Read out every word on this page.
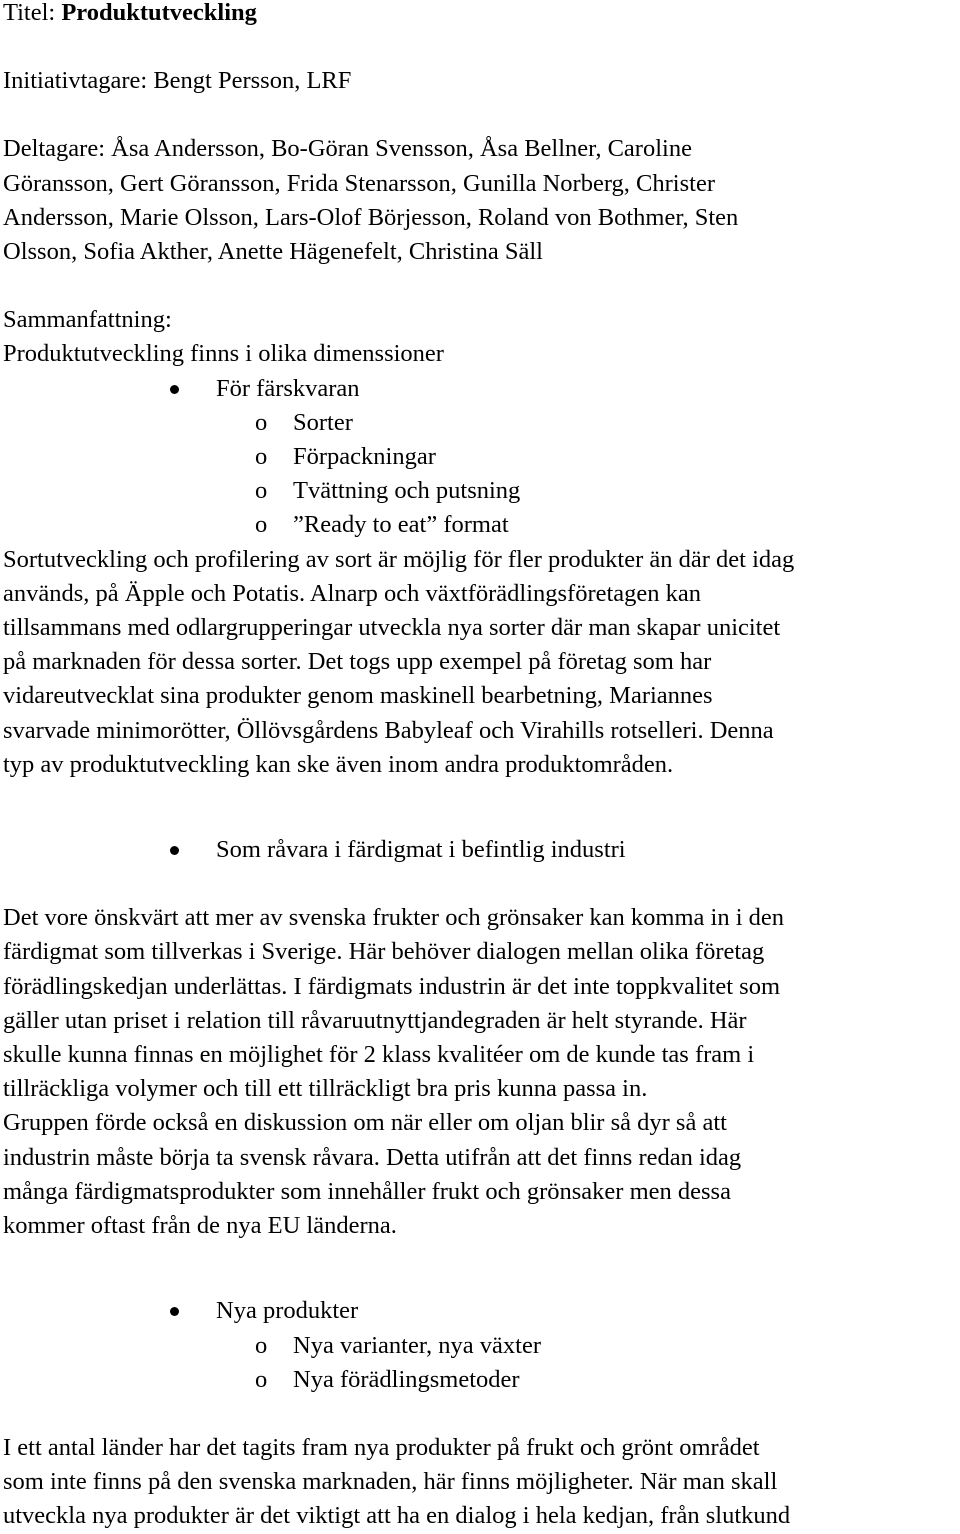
Titel: Produktutveckling

Initiativtagare: Bengt Persson, LRF

Deltagare: Åsa Andersson, Bo-Göran Svensson, Åsa Bellner, Caroline

Göransson, Gert Göransson, Frida Stenarsson, Gunilla Norberg, Christer

Andersson, Marie Olsson, Lars-Olof Börjesson, Roland von Bothmer, Sten

Olsson, Sofia Akther, Anette Hägenefelt, Christina Säll

Sammanfattning:

Produktutveckling finns i olika dimenssioner

För färskvaran

o Sorter

o Förpackningar

o Tvättning och putsning

o ”Ready to eat” format

Sortutveckling och profilering av sort är möjlig för fler produkter än där det idag

används, på Äpple och Potatis. Alnarp och växtförädlingsföretagen kan

tillsammans med odlargrupperingar utveckla nya sorter där man skapar unicitet

på marknaden för dessa sorter. Det togs upp exempel på företag som har

vidareutvecklat sina produkter genom maskinell bearbetning, Mariannes

svarvade minimorötter, Öllövsgårdens Babyleaf och Virahills rotselleri. Denna

typ av produktutveckling kan ske även inom andra produktområden.

Som råvara i färdigmat i befintlig industri

Det vore önskvärt att mer av svenska frukter och grönsaker kan komma in i den

färdigmat som tillverkas i Sverige. Här behöver dialogen mellan olika företag

förädlingskedjan underlättas. I färdigmats industrin är det inte toppkvalitet som

gäller utan priset i relation till råvaruutnyttjandegraden är helt styrande. Här

skulle kunna finnas en möjlighet för 2 klass kvalitéer om de kunde tas fram i

tillräckliga volymer och till ett tillräckligt bra pris kunna passa in.

Gruppen förde också en diskussion om när eller om oljan blir så dyr så att

industrin måste börja ta svensk råvara. Detta utifrån att det finns redan idag

många färdigmatsprodukter som innehåller frukt och grönsaker men dessa

kommer oftast från de nya EU länderna.

Nya produkter

o Nya varianter, nya växter

o Nya förädlingsmetoder

I ett antal länder har det tagits fram nya produkter på frukt och grönt området

som inte finns på den svenska marknaden, här finns möjligheter. När man skall

utveckla nya produkter är det viktigt att ha en dialog i hela kedjan, från slutkund
